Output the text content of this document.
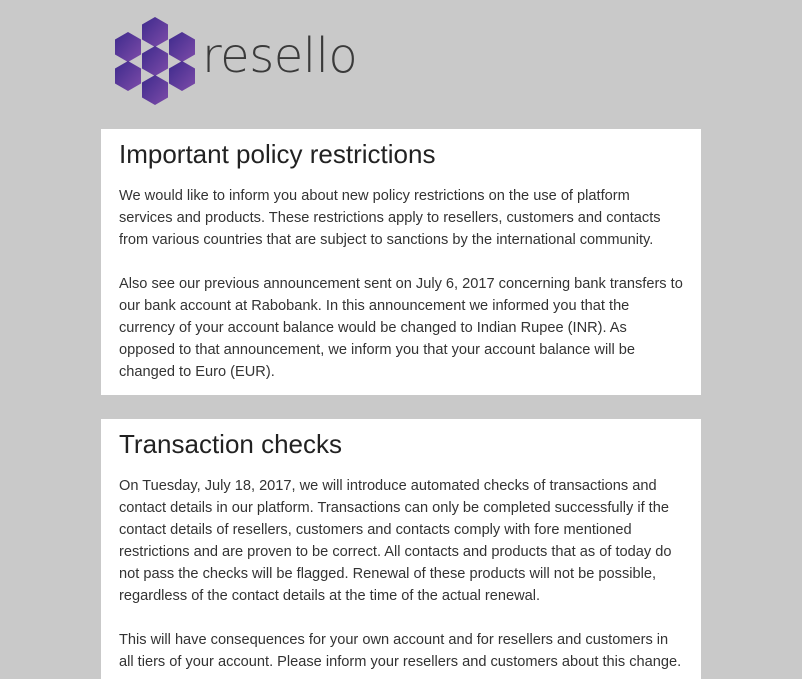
resello
Important policy restrictions

We would like to inform you about new policy restrictions on the use of platform services and products. These restrictions apply to resellers, customers and contacts from various countries that are subject to sanctions by the international community.

Also see our previous announcement sent on July 6, 2017 concerning bank transfers to our bank account at Rabobank. In this announcement we informed you that the currency of your account balance would be changed to Indian Rupee (INR). As opposed to that announcement, we inform you that your account balance will be changed to Euro (EUR).

Transaction checks

On Tuesday, July 18, 2017, we will introduce automated checks of transactions and contact details in our platform. Transactions can only be completed successfully if the contact details of resellers, customers and contacts comply with fore mentioned restrictions and are proven to be correct. All contacts and products that as of today do not pass the checks will be flagged. Renewal of these products will not be possible, regardless of the contact details at the time of the actual renewal.

This will have consequences for your own account and for resellers and customers in all tiers of your account. Please inform your resellers and customers about this change.
